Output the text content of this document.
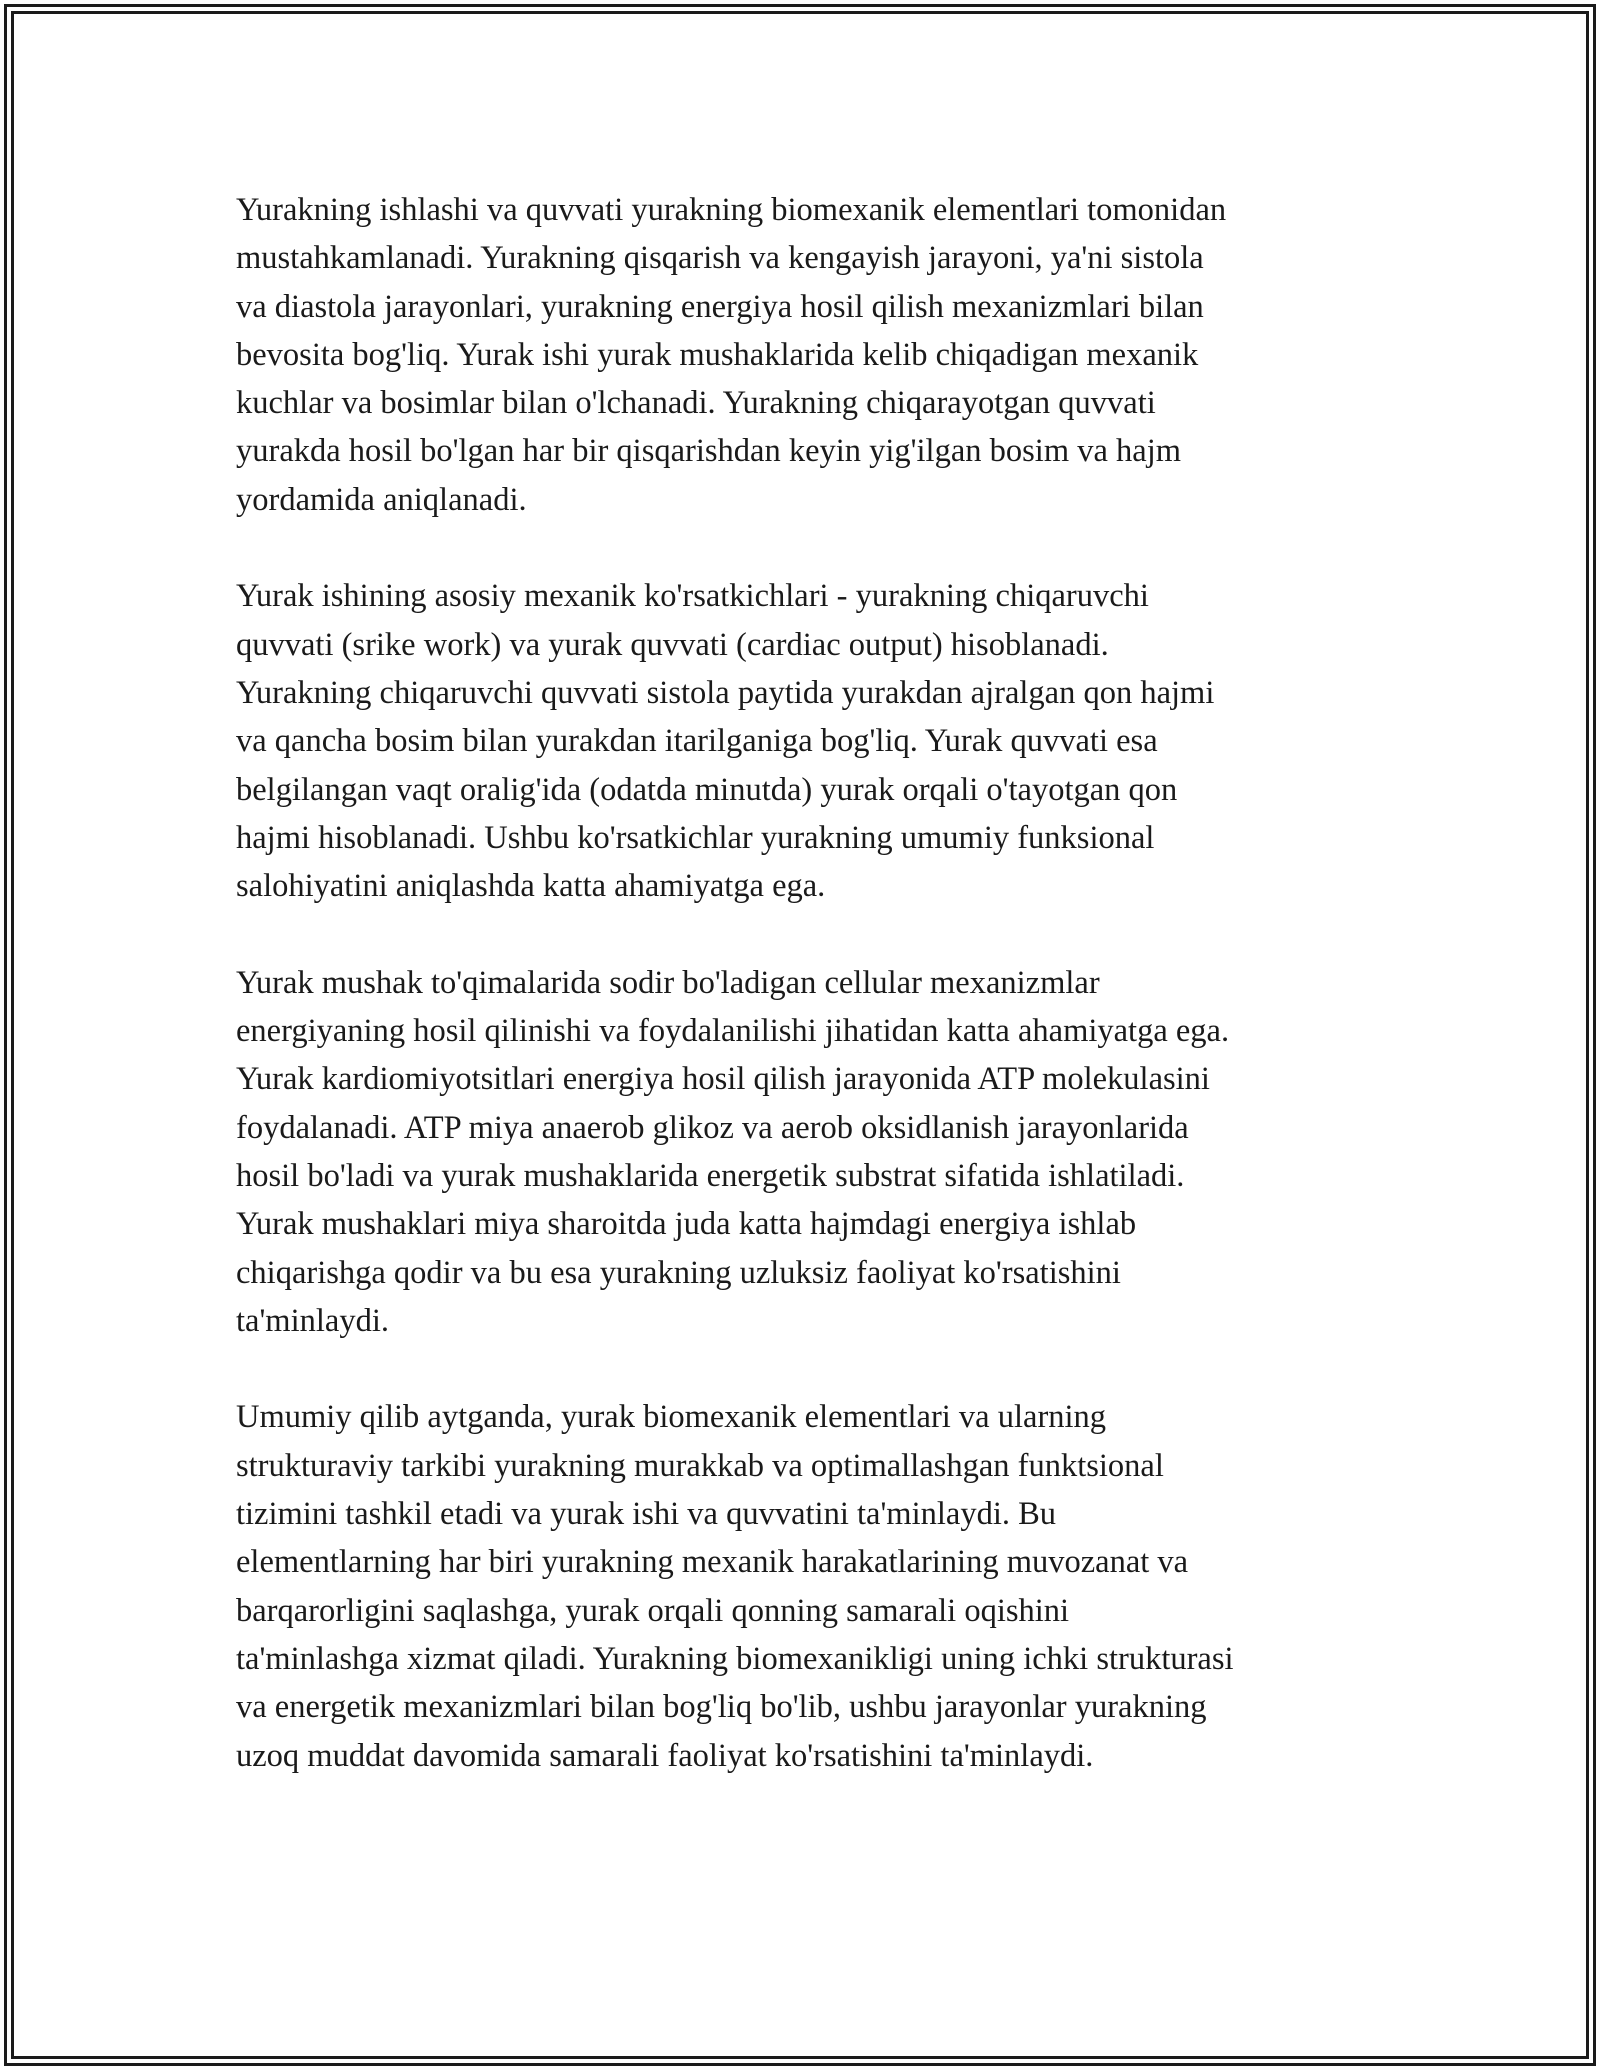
Yurakning ishlashi va quvvati yurakning biomexanik elementlari tomonidan
mustahkamlanadi. Yurakning qisqarish va kengayish jarayoni, ya'ni sistola
va diastola jarayonlari, yurakning energiya hosil qilish mexanizmlari bilan
bevosita bog'liq. Yurak ishi yurak mushaklarida kelib chiqadigan mexanik
kuchlar va bosimlar bilan o'lchanadi. Yurakning chiqarayotgan quvvati
yurakda hosil bo'lgan har bir qisqarishdan keyin yig'ilgan bosim va hajm
yordamida aniqlanadi.

Yurak ishining asosiy mexanik ko'rsatkichlari - yurakning chiqaruvchi
quvvati (srike work) va yurak quvvati (cardiac output) hisoblanadi.
Yurakning chiqaruvchi quvvati sistola paytida yurakdan ajralgan qon hajmi
va qancha bosim bilan yurakdan itarilganiga bog'liq. Yurak quvvati esa
belgilangan vaqt oralig'ida (odatda minutda) yurak orqali o'tayotgan qon
hajmi hisoblanadi. Ushbu ko'rsatkichlar yurakning umumiy funksional
salohiyatini aniqlashda katta ahamiyatga ega.

Yurak mushak to'qimalarida sodir bo'ladigan cellular mexanizmlar
energiyaning hosil qilinishi va foydalanilishi jihatidan katta ahamiyatga ega.
Yurak kardiomiyotsitlari energiya hosil qilish jarayonida ATP molekulasini
foydalanadi. ATP miya anaerob glikoz va aerob oksidlanish jarayonlarida
hosil bo'ladi va yurak mushaklarida energetik substrat sifatida ishlatiladi.
Yurak mushaklari miya sharoitda juda katta hajmdagi energiya ishlab
chiqarishga qodir va bu esa yurakning uzluksiz faoliyat ko'rsatishini
ta'minlaydi.

Umumiy qilib aytganda, yurak biomexanik elementlari va ularning
strukturaviy tarkibi yurakning murakkab va optimallashgan funktsional
tizimini tashkil etadi va yurak ishi va quvvatini ta'minlaydi. Bu
elementlarning har biri yurakning mexanik harakatlarining muvozanat va
barqarorligini saqlashga, yurak orqali qonning samarali oqishini
ta'minlashga xizmat qiladi. Yurakning biomexanikligi uning ichki strukturasi
va energetik mexanizmlari bilan bog'liq bo'lib, ushbu jarayonlar yurakning
uzoq muddat davomida samarali faoliyat ko'rsatishini ta'minlaydi.
